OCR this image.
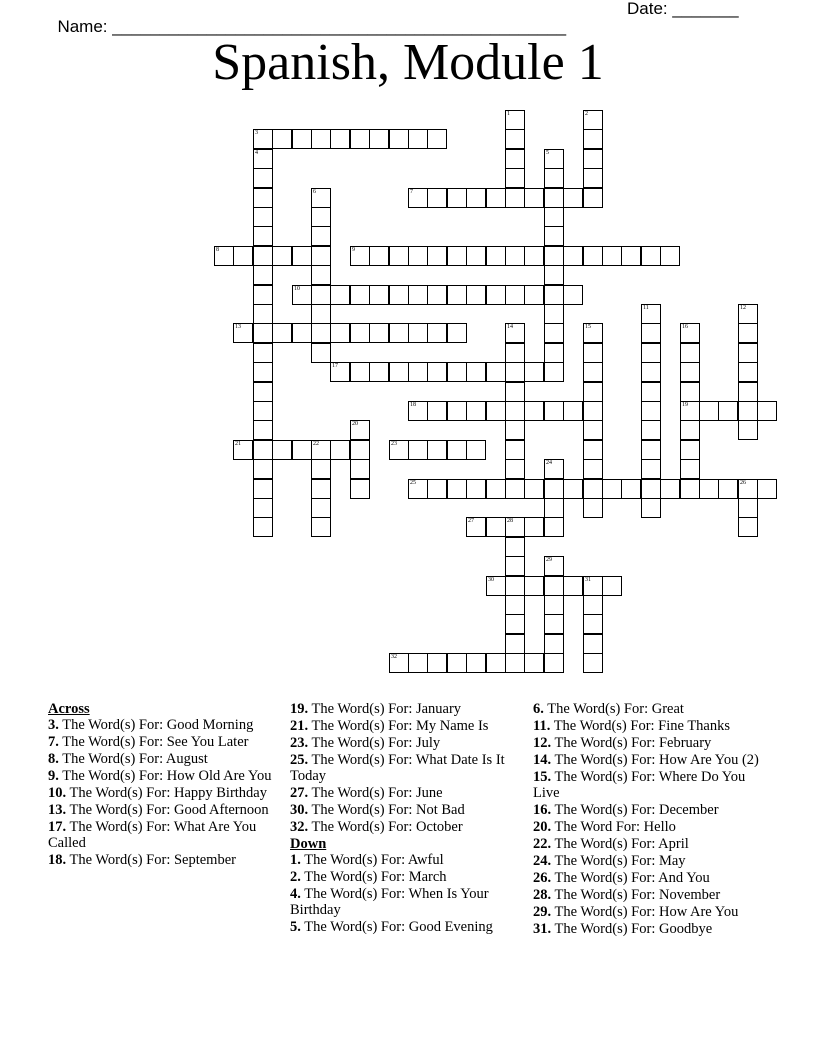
Name: ________________________________________________

Date: _______

Spanish, Module 1
3
7
8	9
10
13
17
18	19
21	22	23
25	26
27	28
30	31
32
1	2
4	5
6
11	12
14	15	16
20
24
29
Across
3. The Word(s) For: Good Morning
7. The Word(s) For: See You Later
8. The Word(s) For: August
9. The Word(s) For: How Old Are You
10. The Word(s) For: Happy Birthday
13. The Word(s) For: Good Afternoon
17. The Word(s) For: What Are You Called
18. The Word(s) For: September
19. The Word(s) For: January
21. The Word(s) For: My Name Is
23. The Word(s) For: July
25. The Word(s) For: What Date Is It Today
27. The Word(s) For: June
30. The Word(s) For: Not Bad
32. The Word(s) For: October
Down
1. The Word(s) For: Awful
2. The Word(s) For: March
4. The Word(s) For: When Is Your Birthday
5. The Word(s) For: Good Evening
6. The Word(s) For: Great
11. The Word(s) For: Fine Thanks
12. The Word(s) For: February
14. The Word(s) For: How Are You (2)
15. The Word(s) For: Where Do You Live
16. The Word(s) For: December
20. The Word For: Hello
22. The Word(s) For: April
24. The Word(s) For: May
26. The Word(s) For: And You
28. The Word(s) For: November
29. The Word(s) For: How Are You
31. The Word(s) For: Goodbye
